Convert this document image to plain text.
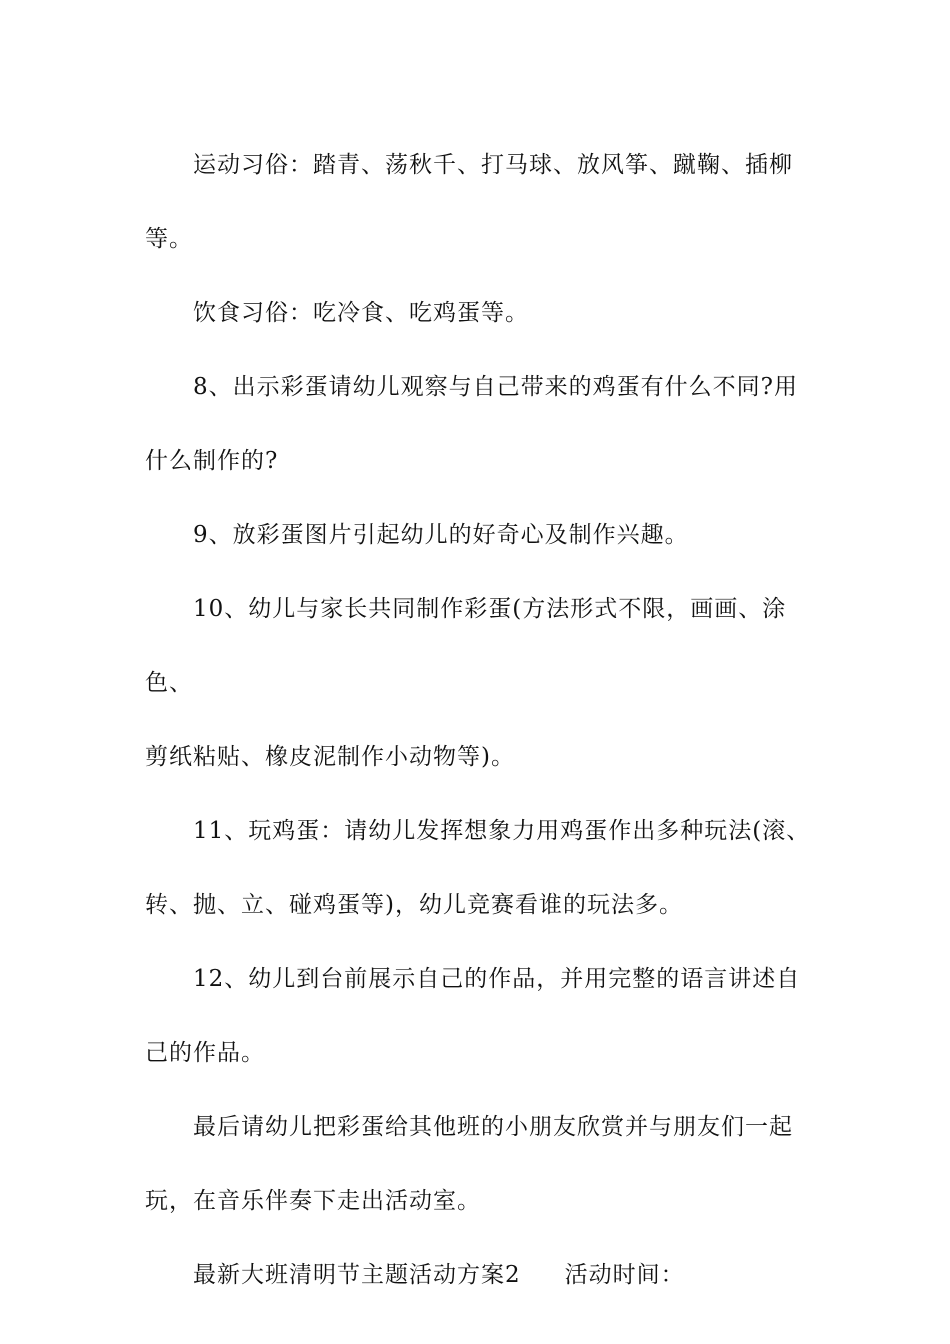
运动习俗：踏青、荡秋千、打马球、放风筝、蹴鞠、插柳
等。

饮食习俗：吃冷食、吃鸡蛋等。

8、出示彩蛋请幼儿观察与自己带来的鸡蛋有什么不同?用
什么制作的?

9、放彩蛋图片引起幼儿的好奇心及制作兴趣。

10、幼儿与家长共同制作彩蛋(方法形式不限，画画、涂色、
剪纸粘贴、橡皮泥制作小动物等)。

11、玩鸡蛋：请幼儿发挥想象力用鸡蛋作出多种玩法(滚、
转、抛、立、碰鸡蛋等)，幼儿竞赛看谁的玩法多。

12、幼儿到台前展示自己的作品，并用完整的语言讲述自
己的作品。

最后请幼儿把彩蛋给其他班的小朋友欣赏并与朋友们一起
玩，在音乐伴奏下走出活动室。

最新大班清明节主题活动方案2 活动时间：
